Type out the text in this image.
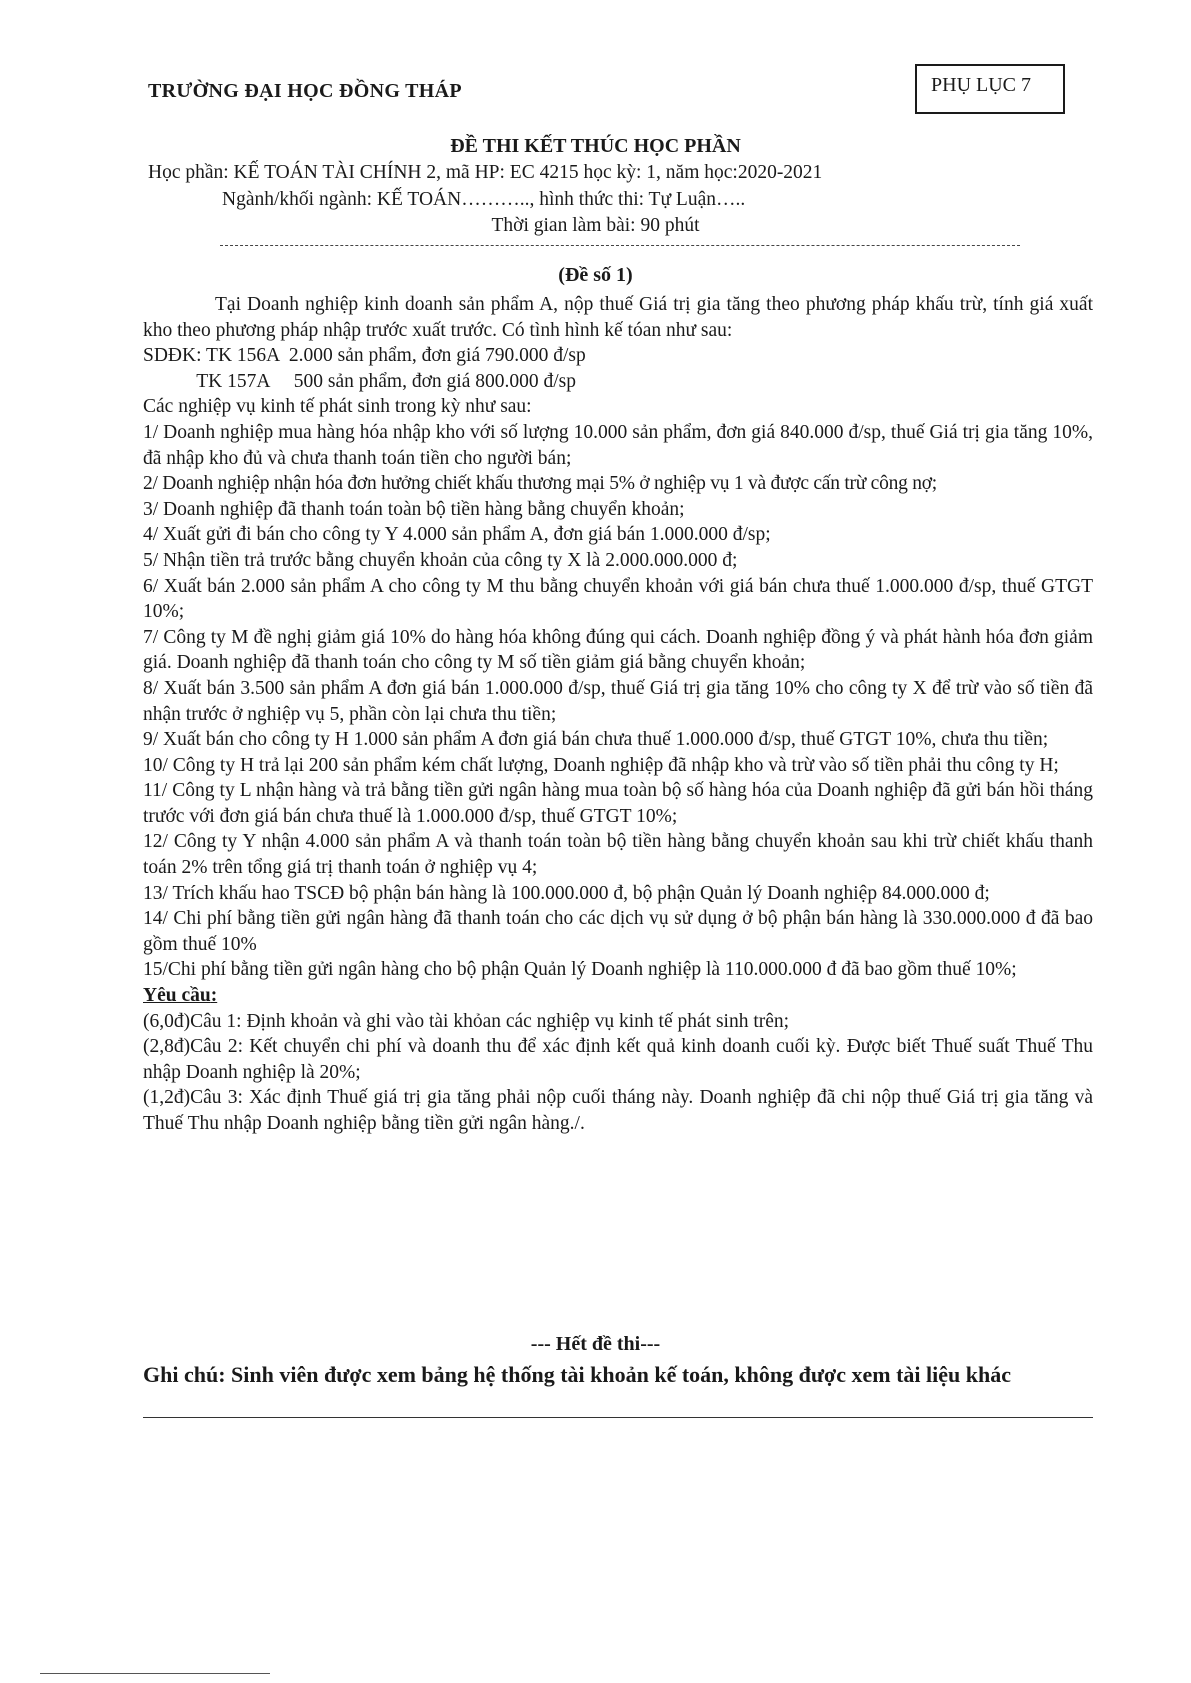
TRƯỜNG ĐẠI HỌC ĐỒNG THÁP	PHỤ LỤC 7
ĐỀ THI KẾT THÚC HỌC PHẦN
Học phần: KẾ TOÁN TÀI CHÍNH 2, mã HP: EC 4215 học kỳ: 1, năm học:2020-2021
Ngành/khối ngành: KẾ TOÁN……….., hình thức thi: Tự Luận…..
Thời gian làm bài: 90 phút
(Đề số 1)

Tại Doanh nghiệp kinh doanh sản phẩm A, nộp thuế Giá trị gia tăng theo phương pháp khấu trừ, tính giá xuất kho theo phương pháp nhập trước xuất trước. Có tình hình kế tóan như sau:

SDĐK: TK 156A  2.000 sản phẩm, đơn giá 790.000 đ/sp

TK 157A     500 sản phẩm, đơn giá 800.000 đ/sp

Các nghiệp vụ kinh tế phát sinh trong kỳ như sau:

1/ Doanh nghiệp mua hàng hóa nhập kho với số lượng 10.000 sản phẩm, đơn giá 840.000 đ/sp, thuế Giá trị gia tăng 10%, đã nhập kho đủ và chưa thanh toán tiền cho người bán;

2/ Doanh nghiệp nhận hóa đơn hưởng chiết khấu thương mại 5% ở nghiệp vụ 1 và được cấn trừ công nợ;

3/ Doanh nghiệp đã thanh toán toàn bộ tiền hàng bằng chuyển khoản;

4/ Xuất gửi đi bán cho công ty Y 4.000 sản phẩm A, đơn giá bán 1.000.000 đ/sp;

5/ Nhận tiền trả trước bằng chuyển khoản của công ty X là 2.000.000.000 đ;

6/ Xuất bán 2.000 sản phẩm A cho công ty M thu bằng chuyển khoản với giá bán chưa thuế 1.000.000 đ/sp, thuế GTGT 10%;

7/ Công ty M đề nghị giảm giá 10% do hàng hóa không đúng qui cách. Doanh nghiệp đồng ý và phát hành hóa đơn giảm giá. Doanh nghiệp đã thanh toán cho công ty M số tiền giảm giá bằng chuyển khoản;

8/ Xuất bán 3.500 sản phẩm A đơn giá bán 1.000.000 đ/sp, thuế Giá trị gia tăng 10% cho công ty X để trừ vào số tiền đã nhận trước ở nghiệp vụ 5, phần còn lại chưa thu tiền;

9/ Xuất bán cho công ty H 1.000 sản phẩm A đơn giá bán chưa thuế 1.000.000 đ/sp, thuế GTGT 10%, chưa thu tiền;

10/ Công ty H trả lại 200 sản phẩm kém chất lượng, Doanh nghiệp đã nhập kho và trừ vào số tiền phải thu công ty H;

11/ Công ty L nhận hàng và trả bằng tiền gửi ngân hàng mua toàn bộ số hàng hóa của Doanh nghiệp đã gửi bán hồi tháng trước với đơn giá bán chưa thuế là 1.000.000 đ/sp, thuế GTGT 10%;

12/ Công ty Y nhận 4.000 sản phẩm A và thanh toán toàn bộ tiền hàng bằng chuyển khoản sau khi trừ chiết khấu thanh toán 2% trên tổng giá trị thanh toán ở nghiệp vụ 4;

13/ Trích khấu hao TSCĐ bộ phận bán hàng là 100.000.000 đ, bộ phận Quản lý Doanh nghiệp 84.000.000 đ;

14/ Chi phí bằng tiền gửi ngân hàng đã thanh toán cho các dịch vụ sử dụng ở bộ phận bán hàng là 330.000.000 đ đã bao gồm thuế 10%

15/Chi phí bằng tiền gửi ngân hàng cho bộ phận Quản lý Doanh nghiệp là 110.000.000 đ đã bao gồm thuế 10%;

Yêu cầu:

(6,0đ)Câu 1: Định khoản và ghi vào tài khỏan các nghiệp vụ kinh tế phát sinh trên;

(2,8đ)Câu 2: Kết chuyển chi phí và doanh thu để xác định kết quả kinh doanh cuối kỳ. Được biết Thuế suất Thuế Thu nhập Doanh nghiệp là 20%;

(1,2đ)Câu 3: Xác định Thuế giá trị gia tăng phải nộp cuối tháng này. Doanh nghiệp đã chi nộp thuế Giá trị gia tăng và Thuế Thu nhập Doanh nghiệp bằng tiền gửi ngân hàng./.

--- Hết đề thi---
Ghi chú: Sinh viên được xem bảng hệ thống tài khoản kế toán, không được xem tài liệu khác
